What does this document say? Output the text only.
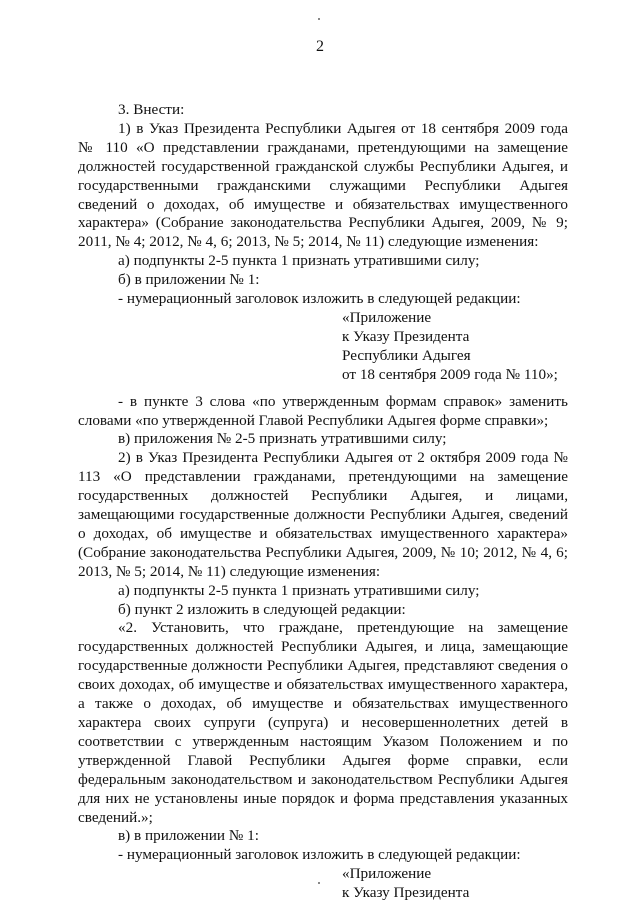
2

3. Внести:

1) в Указ Президента Республики Адыгея от 18 сентября 2009 года № 110 «О представлении гражданами, претендующими на замещение должностей государственной гражданской службы Республики Адыгея, и государственными гражданскими служащими Республики Адыгея сведений о доходах, об имуществе и обязательствах имущественного характера» (Собрание законодательства Республики Адыгея, 2009, № 9; 2011, № 4; 2012, № 4, 6; 2013, № 5; 2014, № 11) следующие изменения:

а) подпункты 2-5 пункта 1 признать утратившими силу;

б) в приложении № 1:

- нумерационный заголовок изложить в следующей редакции:

«Приложение

к Указу Президента

Республики Адыгея

от 18 сентября 2009 года № 110»;

- в пункте 3 слова «по утвержденным формам справок» заменить словами «по утвержденной Главой Республики Адыгея форме справки»;

в) приложения № 2-5 признать утратившими силу;

2) в Указ Президента Республики Адыгея от 2 октября 2009 года № 113 «О представлении гражданами, претендующими на замещение государственных должностей Республики Адыгея, и лицами, замещающими государственные должности Республики Адыгея, сведений о доходах, об имуществе и обязательствах имущественного характера» (Собрание законодательства Республики Адыгея, 2009, № 10; 2012, № 4, 6; 2013, № 5; 2014, № 11) следующие изменения:

а) подпункты 2-5 пункта 1 признать утратившими силу;

б) пункт 2 изложить в следующей редакции:

«2. Установить, что граждане, претендующие на замещение государственных должностей Республики Адыгея, и лица, замещающие государственные должности Республики Адыгея, представляют сведения о своих доходах, об имуществе и обязательствах имущественного характера, а также о доходах, об имуществе и обязательствах имущественного характера своих супруги (супруга) и несовершеннолетних детей в соответствии с утвержденным настоящим Указом Положением и по утвержденной Главой Республики Адыгея форме справки, если федеральным законодательством и законодательством Республики Адыгея для них не установлены иные порядок и форма представления указанных сведений.»;

в) в приложении № 1:

- нумерационный заголовок изложить в следующей редакции:

«Приложение

к Указу Президента
